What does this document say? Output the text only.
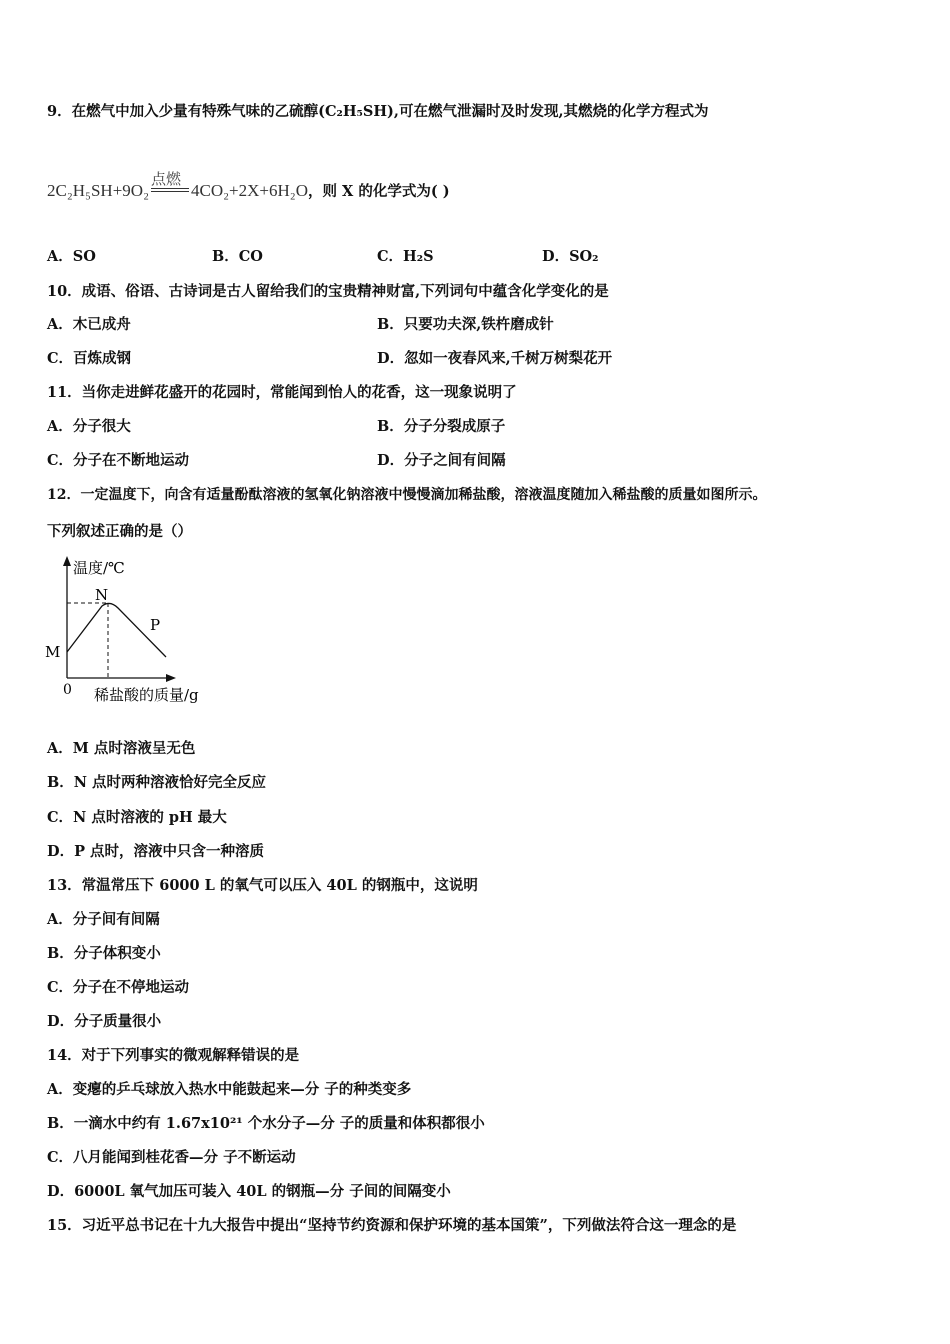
9．在燃气中加入少量有特殊气味的乙硫醇(C₂H₅SH),可在燃气泄漏时及时发现,其燃烧的化学方程式为
2C₂H₅SH+9O₂
点燃
4CO₂+2X+6H₂O，则 X 的化学式为( )
A．SO	B．CO	C．H₂S	D．SO₂
10．成语、俗语、古诗词是古人留给我们的宝贵精神财富,下列词句中蕴含化学变化的是
A．木已成舟	B．只要功夫深,铁杵磨成针
C．百炼成钢	D．忽如一夜春风来,千树万树梨花开
11．当你走进鲜花盛开的花园时，常能闻到怡人的花香，这一现象说明了
A．分子很大	B．分子分裂成原子
C．分子在不断地运动	D．分子之间有间隔
12．一定温度下，向含有适量酚酞溶液的氢氧化钠溶液中慢慢滴加稀盐酸，溶液温度随加入稀盐酸的质量如图所示。
下列叙述正确的是（）
温度/℃
N
P
M
0 稀盐酸的质量/g
A．M 点时溶液呈无色
B．N 点时两种溶液恰好完全反应
C．N 点时溶液的 pH 最大
D．P 点时，溶液中只含一种溶质
13．常温常压下 6000 L 的氧气可以压入 40L 的钢瓶中，这说明
A．分子间有间隔
B．分子体积变小
C．分子在不停地运动
D．分子质量很小
14．对于下列事实的微观解释错误的是
A．变瘪的乒乓球放入热水中能鼓起来—分 子的种类变多
B．一滴水中约有 1.67x10²¹ 个水分子—分 子的质量和体积都很小
C．八月能闻到桂花香—分 子不断运动
D．6000L 氧气加压可装入 40L 的钢瓶—分 子间的间隔变小
15．习近平总书记在十九大报告中提出“坚持节约资源和保护环境的基本国策”，下列做法符合这一理念的是
